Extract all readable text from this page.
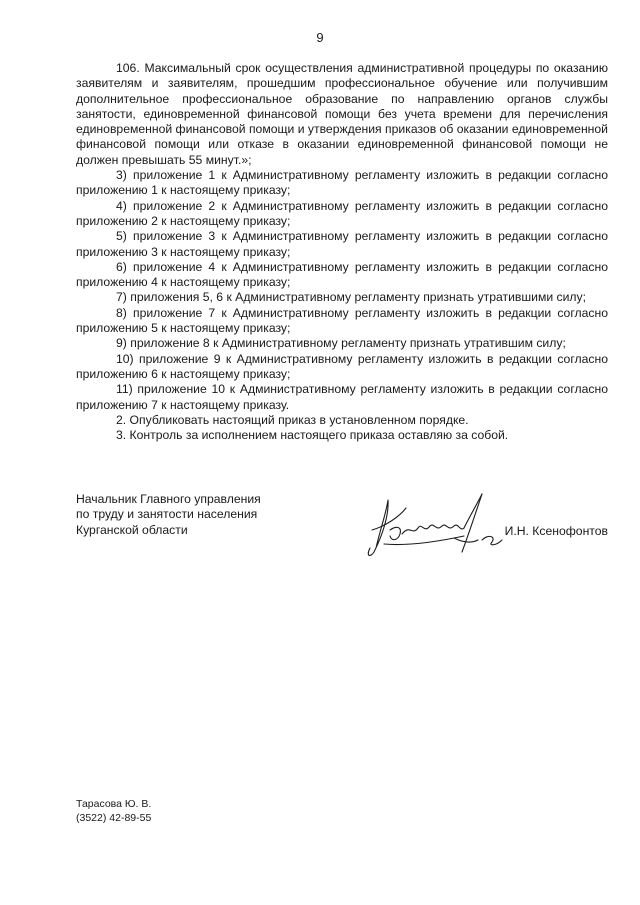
9

106. Максимальный срок осуществления административной процедуры по оказанию заявителям и заявителям, прошедшим профессиональное обучение или получившим дополнительное профессиональное образование по направлению органов службы занятости, единовременной финансовой помощи без учета времени для перечисления единовременной финансовой помощи и утверждения приказов об оказании единовременной финансовой помощи или отказе в оказании единовременной финансовой помощи не должен превышать 55 минут.»;

3) приложение 1 к Административному регламенту изложить в редакции согласно приложению 1 к настоящему приказу;

4) приложение 2 к Административному регламенту изложить в редакции согласно приложению 2 к настоящему приказу;

5) приложение 3 к Административному регламенту изложить в редакции согласно приложению 3 к настоящему приказу;

6) приложение 4 к Административному регламенту изложить в редакции согласно приложению 4 к настоящему приказу;

7) приложения 5, 6 к Административному регламенту признать утратившими силу;

8) приложение 7 к Административному регламенту изложить в редакции согласно приложению 5 к настоящему приказу;

9) приложение 8 к Административному регламенту признать утратившим силу;

10) приложение 9 к Административному регламенту изложить в редакции согласно приложению 6 к настоящему приказу;

11) приложение 10 к Административному регламенту изложить в редакции согласно приложению 7 к настоящему приказу.

2. Опубликовать настоящий приказ в установленном порядке.

3. Контроль за исполнением настоящего приказа оставляю за собой.

Начальник Главного управления
по труду и занятости населения
Курганской области	И.Н. Ксенофонтов
Тарасова Ю. В.
(3522) 42-89-55
